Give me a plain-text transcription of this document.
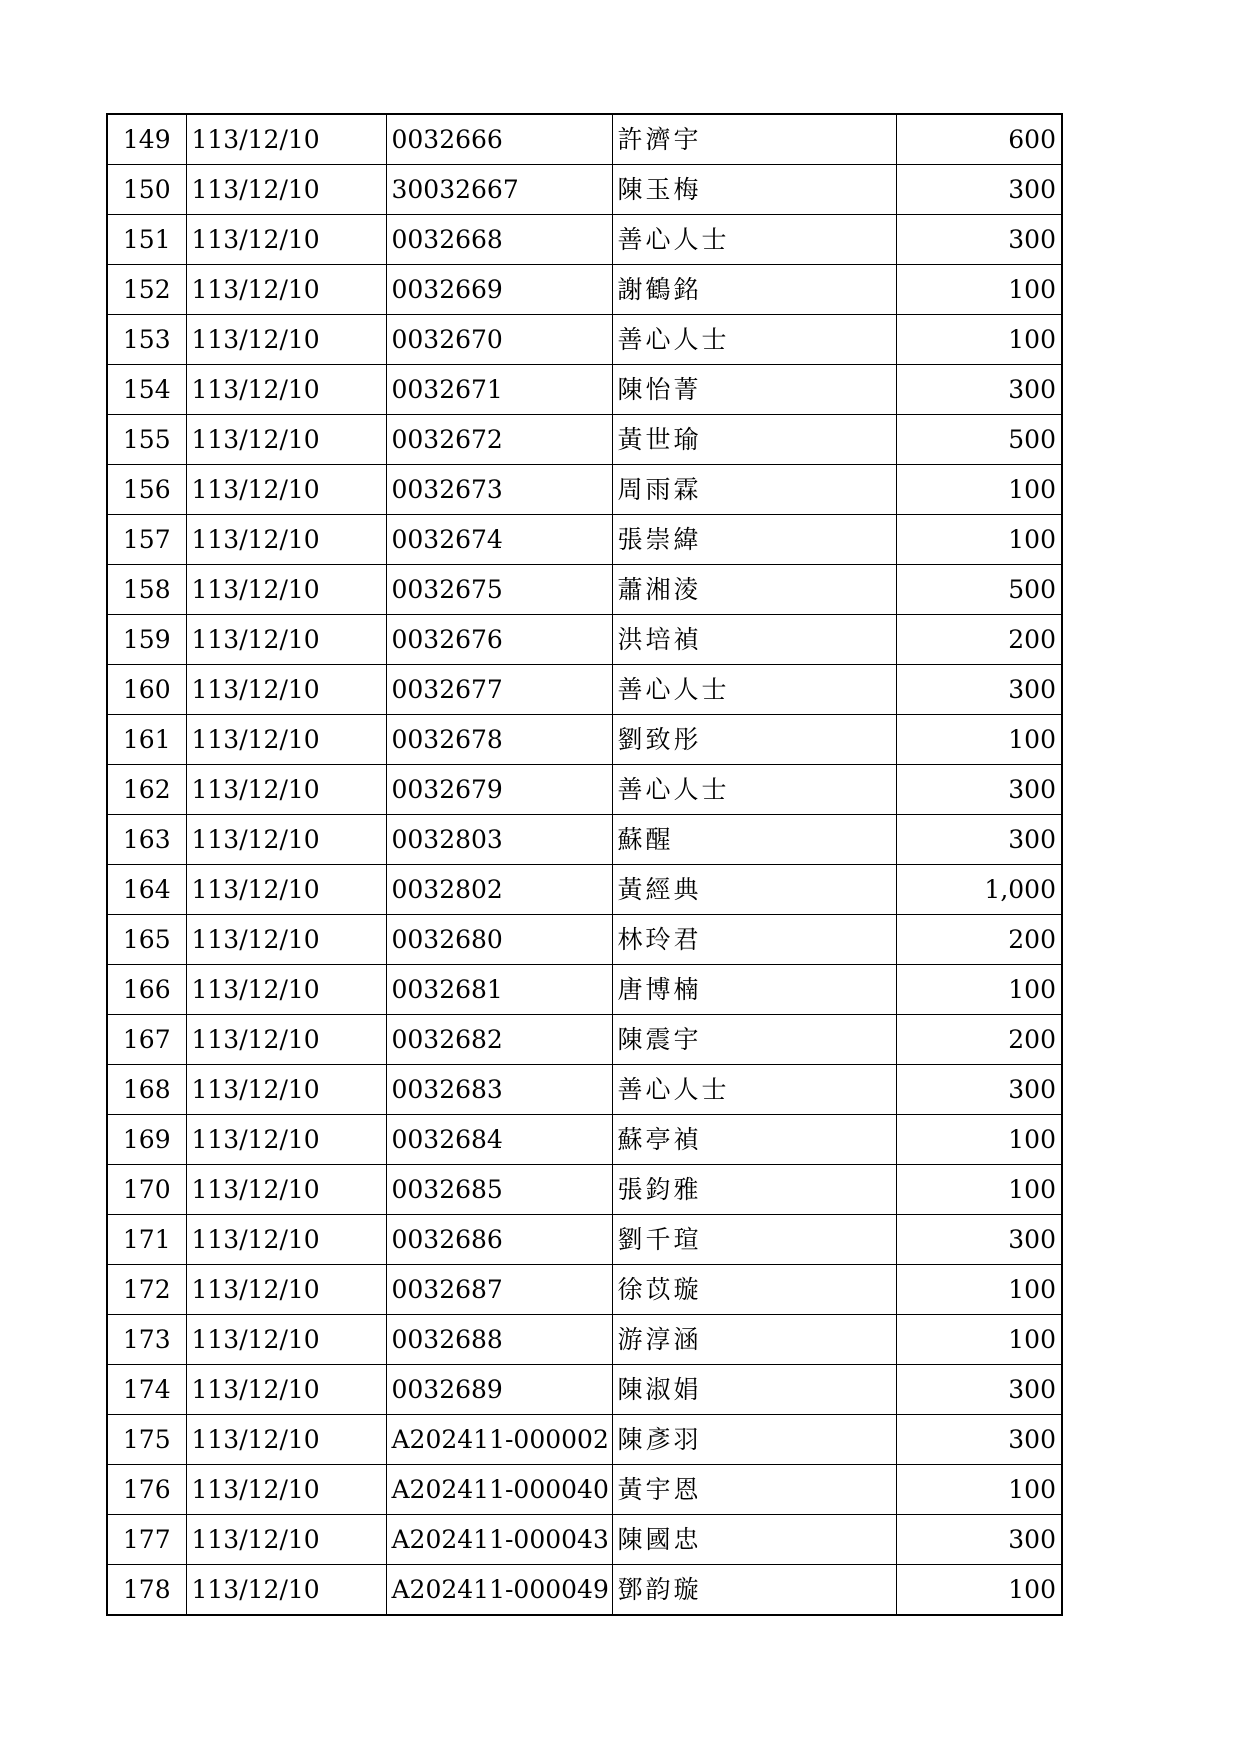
149	113/12/10	0032666	許濟宇	600
150	113/12/10	30032667	陳玉梅	300
151	113/12/10	0032668	善心人士	300
152	113/12/10	0032669	謝鶴銘	100
153	113/12/10	0032670	善心人士	100
154	113/12/10	0032671	陳怡菁	300
155	113/12/10	0032672	黃世瑜	500
156	113/12/10	0032673	周雨霖	100
157	113/12/10	0032674	張崇緯	100
158	113/12/10	0032675	蕭湘淩	500
159	113/12/10	0032676	洪培禎	200
160	113/12/10	0032677	善心人士	300
161	113/12/10	0032678	劉致彤	100
162	113/12/10	0032679	善心人士	300
163	113/12/10	0032803	蘇醒	300
164	113/12/10	0032802	黃經典	1,000
165	113/12/10	0032680	林玲君	200
166	113/12/10	0032681	唐博楠	100
167	113/12/10	0032682	陳震宇	200
168	113/12/10	0032683	善心人士	300
169	113/12/10	0032684	蘇亭禎	100
170	113/12/10	0032685	張鈞雅	100
171	113/12/10	0032686	劉千瑄	300
172	113/12/10	0032687	徐苡璇	100
173	113/12/10	0032688	游淳涵	100
174	113/12/10	0032689	陳淑娟	300
175	113/12/10	A202411-000002	陳彥羽	300
176	113/12/10	A202411-000040	黃宇恩	100
177	113/12/10	A202411-000043	陳國忠	300
178	113/12/10	A202411-000049	鄧韵璇	100
